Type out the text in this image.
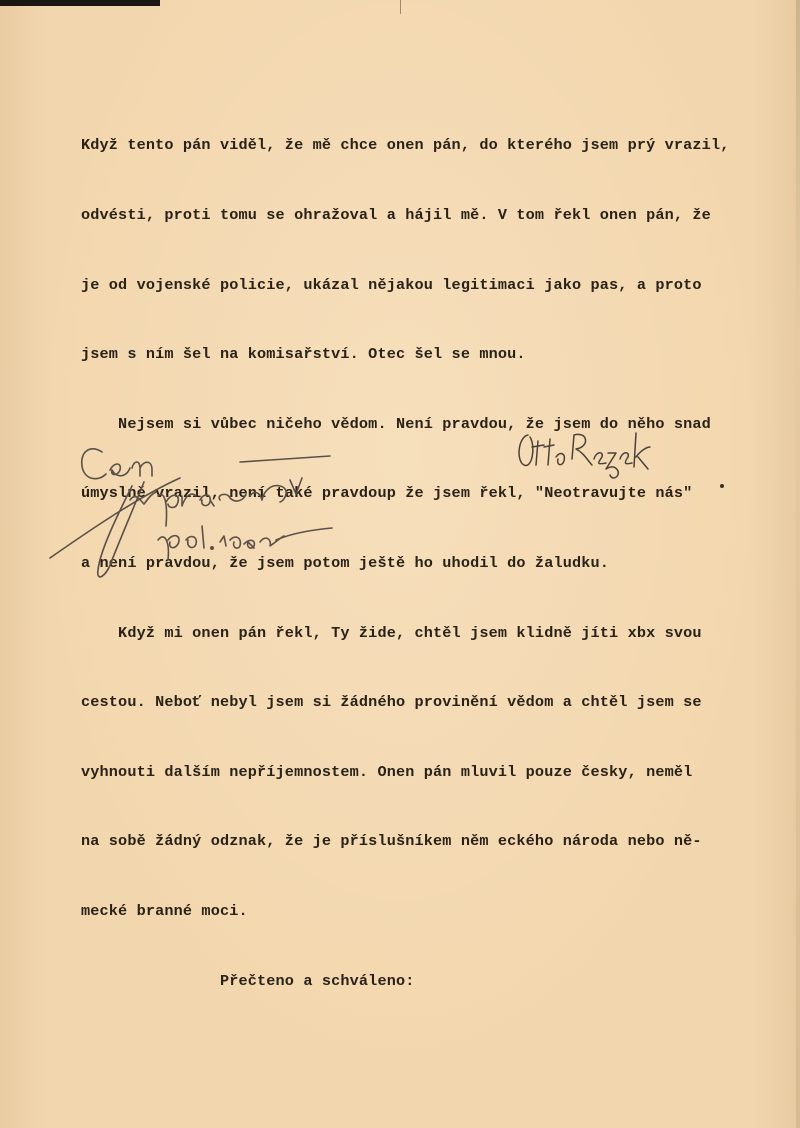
Když tento pán viděl, že mě chce onen pán, do kterého jsem prý vrazil,

odvésti, proti tomu se ohražoval a hájil mě. V tom řekl onen pán, že

je od vojenské policie, ukázal nějakou legitimaci jako pas, a proto

jsem s ním šel na komisařství. Otec šel se mnou.

Nejsem si vůbec ničeho vědom. Není pravdou, že jsem do něho snad

úmyslně vrazil, není také pravdoup že jsem řekl, "Neotravujte nás"

a není pravdou, že jsem potom ještě ho uhodil do žaludku.

Když mi onen pán řekl, Ty žide, chtěl jsem klidně jíti xbx svou

cestou. Neboť nebyl jsem si žádného provinění vědom a chtěl jsem se

vyhnouti dalším nepříjemnostem. Onen pán mluvil pouze česky, neměl

na sobě žádný odznak, že je příslušníkem něm eckého národa nebo ně-

mecké branné moci.

Přečteno a schváleno:
